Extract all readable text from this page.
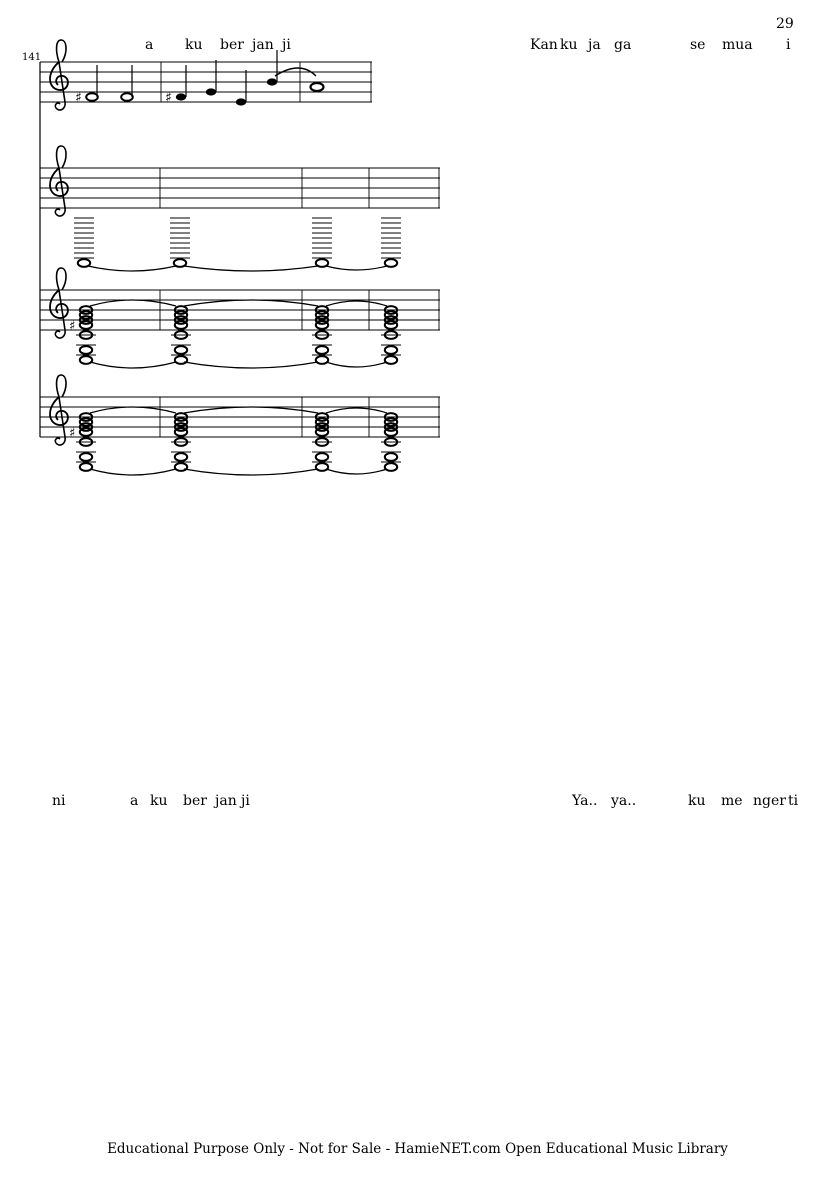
29
141
a ku ber jan ji	Kan ku ja ga	se mua i
ni	a ku ber jan ji	Ya.. ya..	ku me nger ti
♯	♯
♯
♯
Educational Purpose Only - Not for Sale - HamieNET.com Open Educational Music Library
